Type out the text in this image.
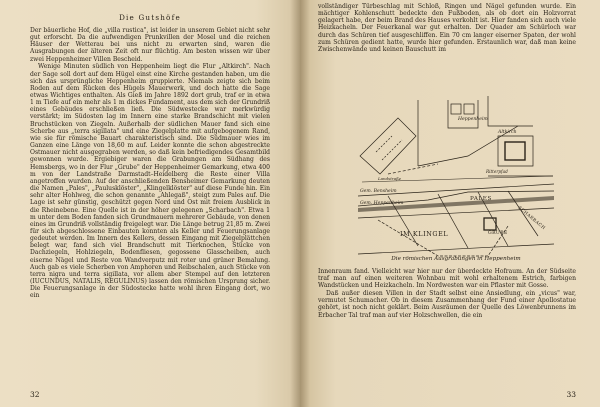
Die Gutshöfe

Der bäuerliche Hof, die „villa rustica", ist leider in unserem Gebiet nicht sehr gut erforscht. Da die aufwendigen Prunkvillen der Mosel und die reichen Häuser der Wetterau bei uns nicht zu erwarten sind, waren die Ausgrabungen der älteren Zeit oft nur flüchtig. Am besten wissen wir über zwei Heppenheimer Villen Bescheid.

Wenige Minuten südlich von Heppenheim liegt die Flur „Altkirch". Nach der Sage soll dort auf dem Hügel einst eine Kirche gestanden haben, um die sich das ursprüngliche Heppenheim gruppierte. Niemals zeigte sich beim Roden auf dem Rücken des Hügels Mauerwerk, und doch hatte die Sage etwas Wichtiges enthalten. Als Gieß im Jahre 1892 dort grub, traf er in etwa 1 m Tiefe auf ein mehr als 1 m dickes Fundament, aus dem sich der Grundriß eines Gebäudes erschließen ließ. Die Südwestecke war merkwürdig verstärkt; im Südosten lag im Innern eine starke Brandschicht mit vielen Bruchstücken von Ziegeln. Außerhalb der südlichen Mauer fand sich eine Scherbe aus „terra sigillata" und eine Ziegelplatte mit aufgebogenem Rand, wie sie für römische Bauart charakteristisch sind. Die Südmauer wies im Ganzen eine Länge von 18,60 m auf. Leider konnte die schon abgestreckte Ostmauer nicht ausgegraben werden, so daß kein befriedigendes Gesamtbild gewonnen wurde. Ergiebiger waren die Grabungen am Südhang des Hemsbergs, wo in der Flur „Grube" der Heppenheimer Gemarkung, etwa 400 m von der Landstraße Darmstadt–Heidelberg die Reste einer Villa angetroffen wurden. Auf der anschließenden Bensheimer Gemarkung deuten die Namen „Pales", „Paulusklöster", „Klingelklöster" auf diese Funde hin. Ein sehr alter Hohlweg, die schon genannte „Ahlegaß", steigt zum Pales auf. Die Lage ist sehr günstig, geschützt gegen Nord und Ost mit freiem Ausblick in die Rheinebene. Eine Quelle ist in der höher gelegenen „Scharbach". Etwa 1 m unter dem Boden fanden sich Grundmauern mehrerer Gebäude, von denen eines im Grundriß vollständig freigelegt war. Die Länge betrug 21,85 m. Zwei für sich abgeschlossene Einbauten konnten als Keller und Feuerungsanlage gedeutet werden. Im Innern des Kellers, dessen Eingang mit Ziegelplättchen belegt war, fand sich viel Brandschutt mit Tierknochen, Stücke von Dachziegeln, Hohlziegeln, Bodenfliesen, gegossene Glasscheiben, auch eiserne Nägel und Reste von Wandverputz mit roter und grüner Bemalung. Auch gab es viele Scherben von Amphoren und Reibschalen, auch Stücke von terra nigra und terra sigillata, vor allem aber Stempel auf den letzteren (IUCUNDUS, NATALIS, REGULINUS) lassen den römischen Ursprung sicher. Die Feuerungsanlage in der Südostecke hatte wohl ihren Eingang dort, wo ein

32

vollständiger Türbeschlag mit Schloß, Ringen und Nägel gefunden wurde. Ein mächtiger Kohlenschutt bedeckte den Fußboden, als ob dort ein Holzvorrat gelagert habe, der beim Brand des Hauses verkohlt ist. Hier fanden sich auch viele Heizkacheln. Der Feuerkanal war gut erhalten. Der Quader am Schürloch war durch das Schüren tief ausgeschliffen. Ein 70 cm langer eiserner Spaten, der wohl zum Schüren gedient hatte, wurde hier gefunden. Erstaunlich war, daß man keine Zwischenwände und keinen Bauschutt im

Heppenheim
Altkirch
Ritterpfad
Gem. Bensheim
Gem. Heppenheim
PALES
IM KLINGEL	GRUBE
SCHARBACH
Landstraße
Die römischen Ausgrabungen in Heppenheim

Innenraum fand. Vielleicht war hier nur der überdeckte Hofraum. An der Südseite traf man auf einen weiteren Wohnbau mit wohl erhaltenem Estrich, farbigen Wandstücken und Heizkacheln. Im Nordwesten war ein Pflaster mit Gosse.

Daß außer diesen Villen in der Stadt selbst eine Ansiedlung, ein „vicus" war, vermutet Schumacher. Ob in diesem Zusammenhang der Fund einer Apollostatue gehört, ist noch nicht geklärt. Beim Ausräumen der Quelle des Löwenbrunnens im Erbacher Tal traf man auf vier Holzschwellen, die ein

33
